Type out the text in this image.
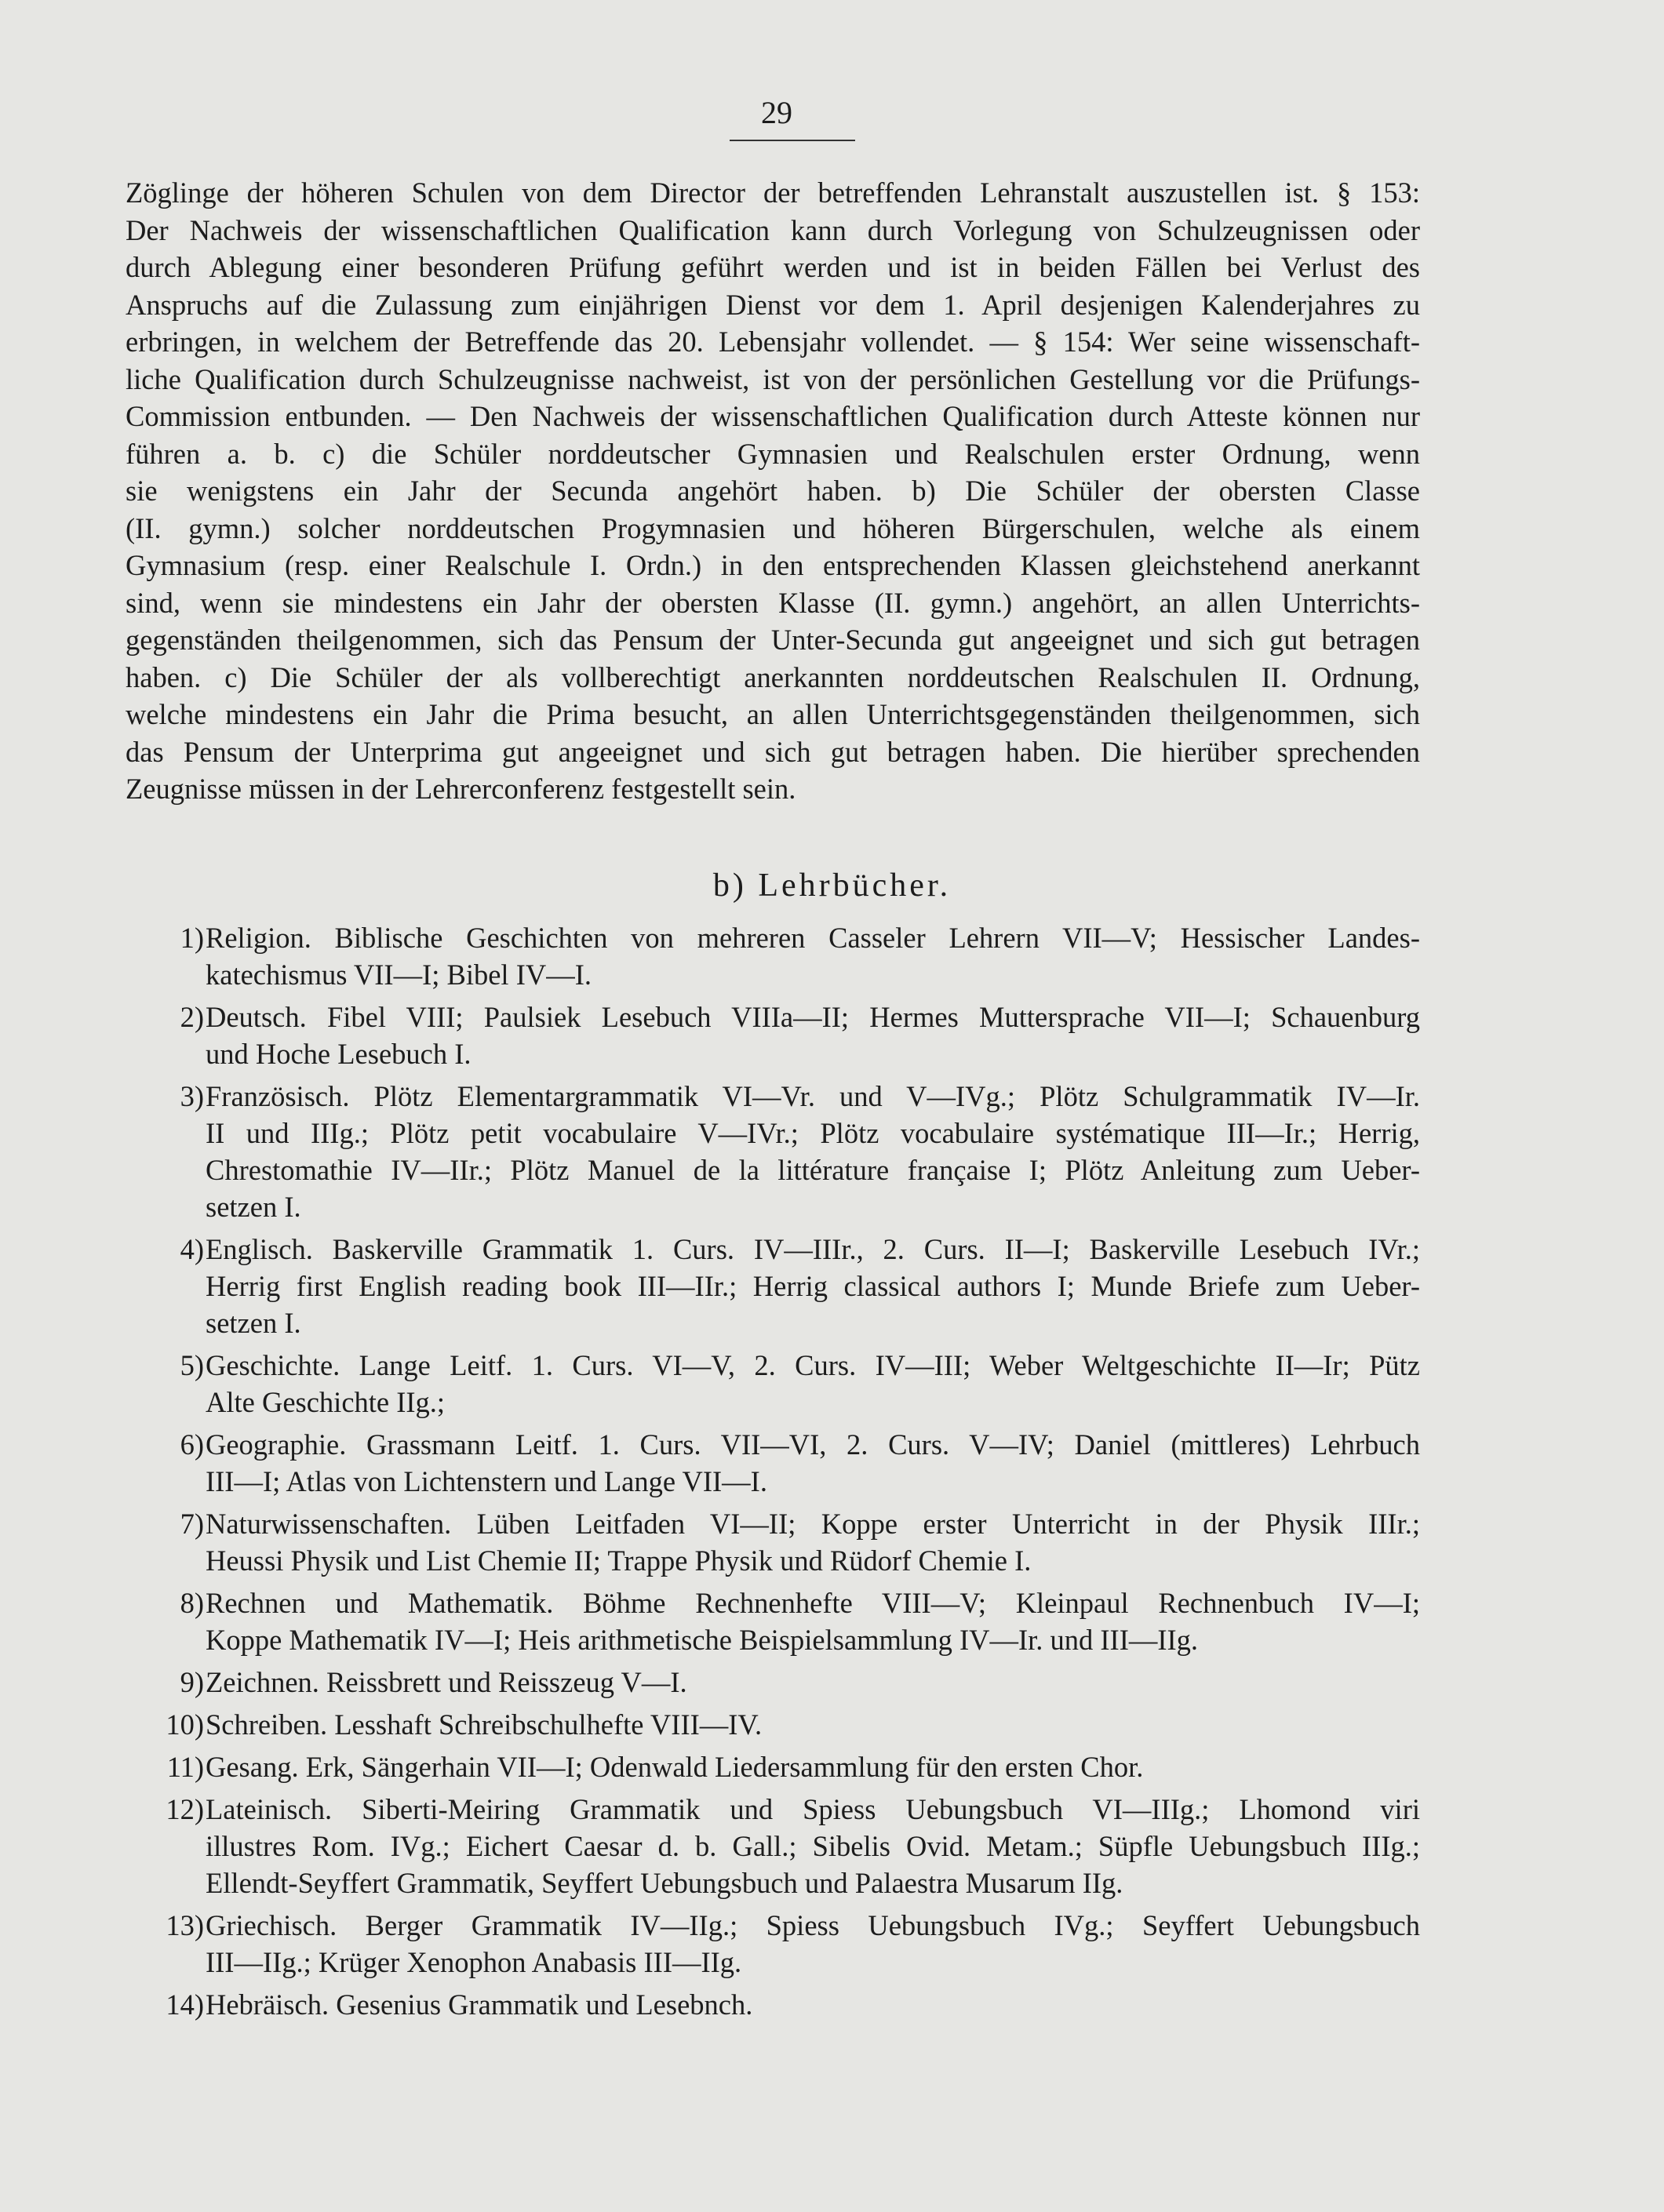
29
Zöglinge der höheren Schulen von dem Director der betreffenden Lehranstalt auszustellen ist. § 153:
Der Nachweis der wissenschaftlichen Qualification kann durch Vorlegung von Schulzeugnissen oder
durch Ablegung einer besonderen Prüfung geführt werden und ist in beiden Fällen bei Verlust des
Anspruchs auf die Zulassung zum einjährigen Dienst vor dem 1. April desjenigen Kalenderjahres zu
erbringen, in welchem der Betreffende das 20. Lebensjahr vollendet. — § 154: Wer seine wissenschaft-
liche Qualification durch Schulzeugnisse nachweist, ist von der persönlichen Gestellung vor die Prüfungs-
Commission entbunden. — Den Nachweis der wissenschaftlichen Qualification durch Atteste können nur
führen a. b. c) die Schüler norddeutscher Gymnasien und Realschulen erster Ordnung, wenn
sie wenigstens ein Jahr der Secunda angehört haben. b) Die Schüler der obersten Classe
(II. gymn.) solcher norddeutschen Progymnasien und höheren Bürgerschulen, welche als einem
Gymnasium (resp. einer Realschule I. Ordn.) in den entsprechenden Klassen gleichstehend anerkannt
sind, wenn sie mindestens ein Jahr der obersten Klasse (II. gymn.) angehört, an allen Unterrichts-
gegenständen theilgenommen, sich das Pensum der Unter-Secunda gut angeeignet und sich gut betragen
haben. c) Die Schüler der als vollberechtigt anerkannten norddeutschen Realschulen II. Ordnung,
welche mindestens ein Jahr die Prima besucht, an allen Unterrichtsgegenständen theilgenommen, sich
das Pensum der Unterprima gut angeeignet und sich gut betragen haben. Die hierüber sprechenden
Zeugnisse müssen in der Lehrerconferenz festgestellt sein.
b) Lehrbücher.
1) Religion. Biblische Geschichten von mehreren Casseler Lehrern VII—V; Hessischer Landes-
katechismus VII—I; Bibel IV—I.
2) Deutsch. Fibel VIII; Paulsiek Lesebuch VIIIa—II; Hermes Muttersprache VII—I; Schauenburg
und Hoche Lesebuch I.
3) Französisch. Plötz Elementargrammatik VI—Vr. und V—IVg.; Plötz Schulgrammatik IV—Ir.
II und IIIg.; Plötz petit vocabulaire V—IVr.; Plötz vocabulaire systématique III—Ir.; Herrig,
Chrestomathie IV—IIr.; Plötz Manuel de la littérature française I; Plötz Anleitung zum Ueber-
setzen I.
4) Englisch. Baskerville Grammatik 1. Curs. IV—IIIr., 2. Curs. II—I; Baskerville Lesebuch IVr.;
Herrig first English reading book III—IIr.; Herrig classical authors I; Munde Briefe zum Ueber-
setzen I.
5) Geschichte. Lange Leitf. 1. Curs. VI—V, 2. Curs. IV—III; Weber Weltgeschichte II—Ir; Pütz
Alte Geschichte IIg.;
6) Geographie. Grassmann Leitf. 1. Curs. VII—VI, 2. Curs. V—IV; Daniel (mittleres) Lehrbuch
III—I; Atlas von Lichtenstern und Lange VII—I.
7) Naturwissenschaften. Lüben Leitfaden VI—II; Koppe erster Unterricht in der Physik IIIr.;
Heussi Physik und List Chemie II; Trappe Physik und Rüdorf Chemie I.
8) Rechnen und Mathematik. Böhme Rechnenhefte VIII—V; Kleinpaul Rechnenbuch IV—I;
Koppe Mathematik IV—I; Heis arithmetische Beispielsammlung IV—Ir. und III—IIg.
9) Zeichnen. Reissbrett und Reisszeug V—I.
10) Schreiben. Lesshaft Schreibschulhefte VIII—IV.
11) Gesang. Erk, Sängerhain VII—I; Odenwald Liedersammlung für den ersten Chor.
12) Lateinisch. Siberti-Meiring Grammatik und Spiess Uebungsbuch VI—IIIg.; Lhomond viri
illustres Rom. IVg.; Eichert Caesar d. b. Gall.; Sibelis Ovid. Metam.; Süpfle Uebungsbuch IIIg.;
Ellendt-Seyffert Grammatik, Seyffert Uebungsbuch und Palaestra Musarum IIg.
13) Griechisch. Berger Grammatik IV—IIg.; Spiess Uebungsbuch IVg.; Seyffert Uebungsbuch
III—IIg.; Krüger Xenophon Anabasis III—IIg.
14) Hebräisch. Gesenius Grammatik und Lesebnch.
